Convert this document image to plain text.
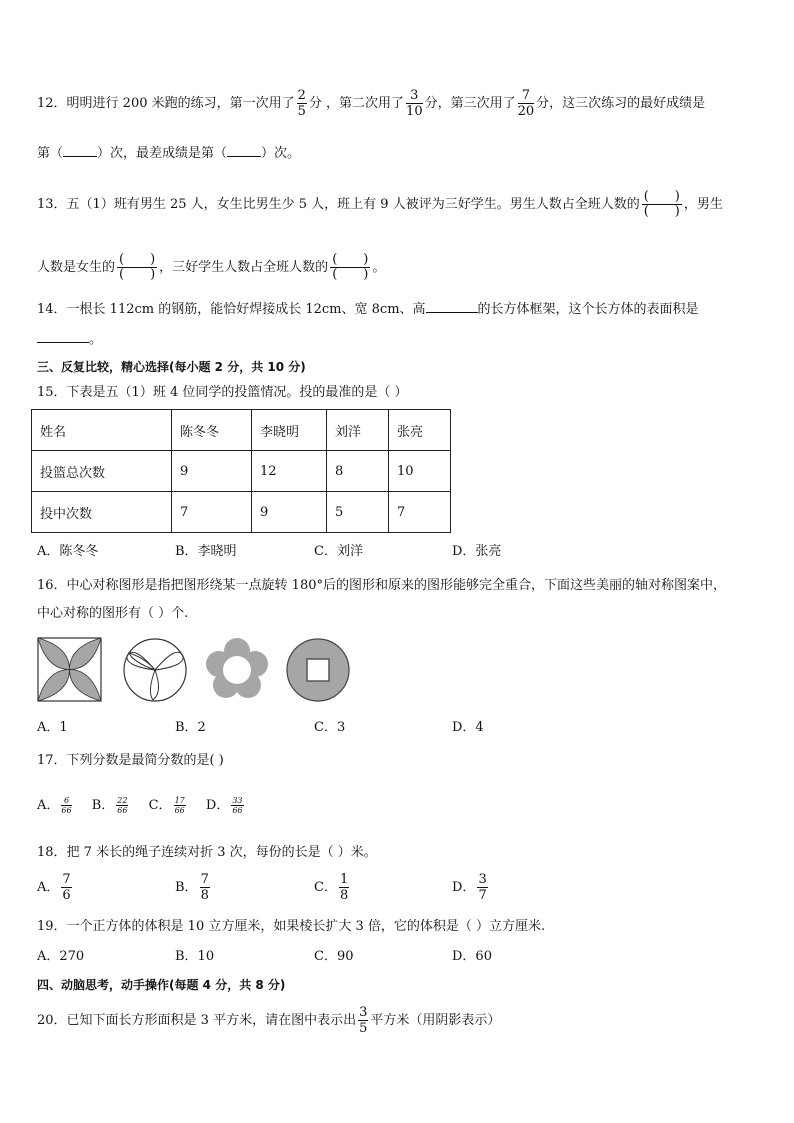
12．明明进行 200 米跑的练习，第一次用了 $\frac{2}{5}$ 分 ，第二次用了 $\frac{3}{10}$ 分，第三次用了 $\frac{7}{20}$ 分，这三次练习的最好成绩是
第（	）次，最差成绩是第（	）次。
13．五（1）班有男生 25 人，女生比男生少 5 人，班上有 9 人被评为三好学生。男生人数占全班人数的
( )
( ) ，男生
人数是女生的
( )
( ) ，三好学生人数占全班人数的
( )
( ) 。
14．一根长 112cm 的钢筋，能恰好焊接成长 12cm、宽 8cm、高	的长方体框架，这个长方体的表面积是
。
三、反复比较，精心选择(每小题 2 分，共 10 分)
15．下表是五（1）班 4 位同学的投篮情况。投的最准的是（ ）
姓名	陈冬冬	李晓明	刘洋	张亮
投篮总次数	9	12	8	10
投中次数	7	9	5	7
A．陈冬冬	B．李晓明	C．刘洋	D．张亮
16．中心对称图形是指把图形绕某一点旋转 180°后的图形和原来的图形能够完全重合，下面这些美丽的轴对称图案中，
中心对称的图形有（ ）个.
A．1	B．2	C．3	D．4
17．下列分数是最简分数的是( )
A． $\frac{6}{66}$ B． $\frac{22}{66}$ C． $\frac{17}{66}$ D． $\frac{33}{66}$
18．把 7 米长的绳子连续对折 3 次，每份的长是（ ）米。
A． $\frac{7}{6}$	B． $\frac{7}{8}$	C． $\frac{1}{8}$	D． $\frac{3}{7}$
19．一个正方体的体积是 10 立方厘米，如果棱长扩大 3 倍，它的体积是（ ）立方厘米.
A．270	B．10	C．90	D．60
四、动脑思考，动手操作(每题 4 分，共 8 分)
20．已知下面长方形面积是 3 平方米，请在图中表示出 $\frac{3}{5}$ 平方米（用阴影表示）
